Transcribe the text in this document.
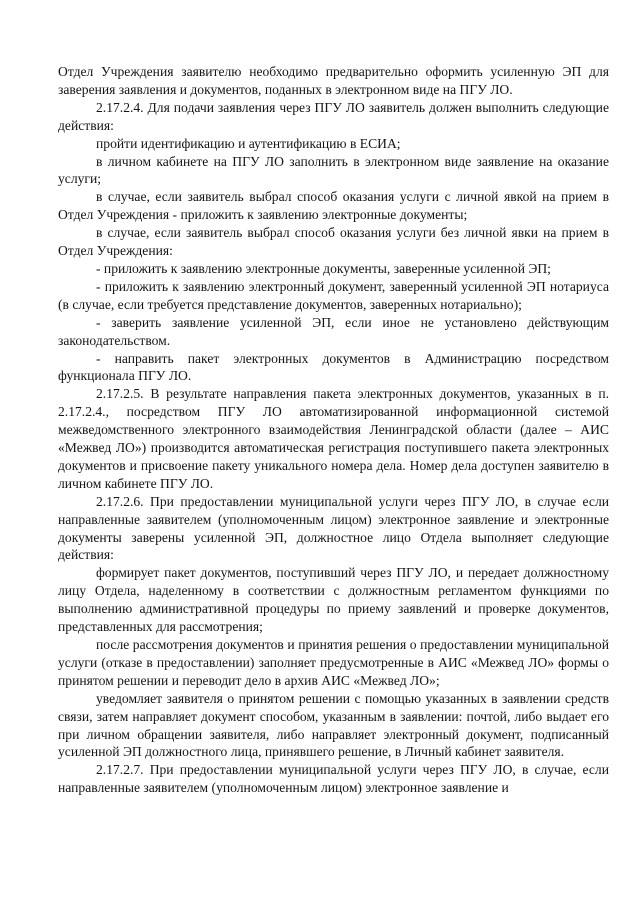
Отдел Учреждения заявителю необходимо предварительно оформить усиленную ЭП для заверения заявления и документов, поданных в электронном виде на ПГУ ЛО.

2.17.2.4. Для подачи заявления через ПГУ ЛО заявитель должен выполнить следующие действия:

пройти идентификацию и аутентификацию в ЕСИА;

в личном кабинете на ПГУ ЛО заполнить в электронном виде заявление на оказание услуги;

в случае, если заявитель выбрал способ оказания услуги с личной явкой на прием в Отдел Учреждения - приложить к заявлению электронные документы;

в случае, если заявитель выбрал способ оказания услуги без личной явки на прием в Отдел Учреждения:

- приложить к заявлению электронные документы, заверенные усиленной ЭП;

- приложить к заявлению электронный документ, заверенный усиленной ЭП нотариуса (в случае, если требуется представление документов, заверенных нотариально);

- заверить заявление усиленной ЭП, если иное не установлено действующим законодательством.

- направить пакет электронных документов в Администрацию посредством функционала ПГУ ЛО.

2.17.2.5. В результате направления пакета электронных документов, указанных в п. 2.17.2.4., посредством ПГУ ЛО автоматизированной информационной системой межведомственного электронного взаимодействия Ленинградской области (далее – АИС «Межвед ЛО») производится автоматическая регистрация поступившего пакета электронных документов и присвоение пакету уникального номера дела. Номер дела доступен заявителю в личном кабинете ПГУ ЛО.

2.17.2.6. При предоставлении муниципальной услуги через ПГУ ЛО, в случае если направленные заявителем (уполномоченным лицом) электронное заявление и электронные документы заверены усиленной ЭП, должностное лицо Отдела выполняет следующие действия:

формирует пакет документов, поступивший через ПГУ ЛО, и передает должностному лицу Отдела, наделенному в соответствии с должностным регламентом функциями по выполнению административной процедуры по приему заявлений и проверке документов, представленных для рассмотрения;

после рассмотрения документов и принятия решения о предоставлении муниципальной услуги (отказе в предоставлении) заполняет предусмотренные в АИС «Межвед ЛО» формы о принятом решении и переводит дело в архив АИС «Межвед ЛО»;

уведомляет заявителя о принятом решении с помощью указанных в заявлении средств связи, затем направляет документ способом, указанным в заявлении: почтой, либо выдает его при личном обращении заявителя, либо направляет электронный документ, подписанный усиленной ЭП должностного лица, принявшего решение, в Личный кабинет заявителя.

2.17.2.7. При предоставлении муниципальной услуги через ПГУ ЛО, в случае, если направленные заявителем (уполномоченным лицом) электронное заявление и
